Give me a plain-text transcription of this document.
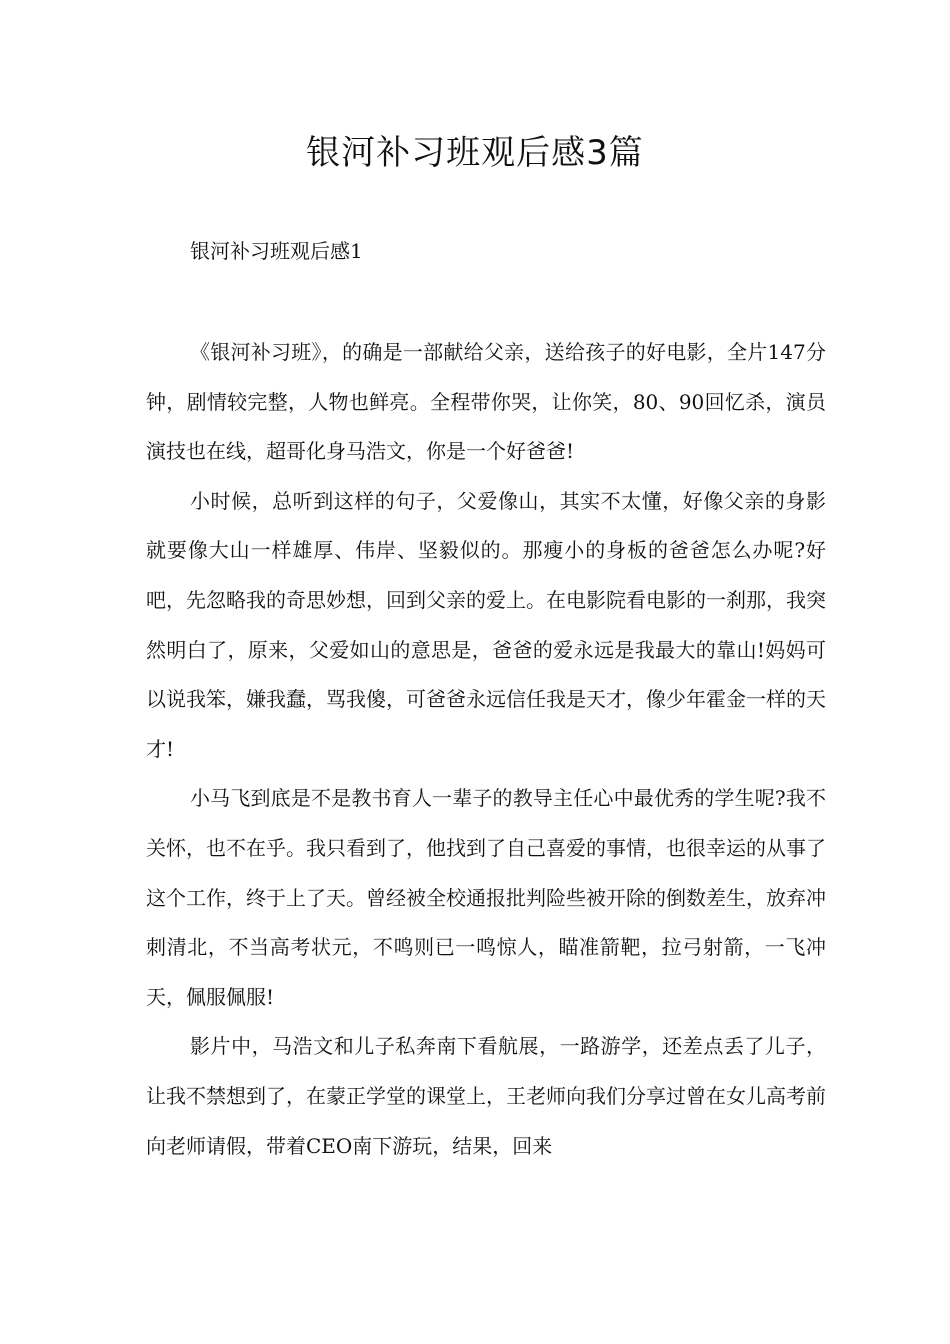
银河补习班观后感3篇

银河补习班观后感1

《银河补习班》，的确是一部献给父亲，送给孩子的好电影，全片147分钟，剧情较完整，人物也鲜亮。全程带你哭，让你笑，80、90回忆杀，演员演技也在线，超哥化身马浩文，你是一个好爸爸!

小时候，总听到这样的句子，父爱像山，其实不太懂，好像父亲的身影就要像大山一样雄厚、伟岸、坚毅似的。那瘦小的身板的爸爸怎么办呢?好吧，先忽略我的奇思妙想，回到父亲的爱上。在电影院看电影的一刹那，我突然明白了，原来，父爱如山的意思是，爸爸的爱永远是我最大的靠山!妈妈可以说我笨，嫌我蠢，骂我傻，可爸爸永远信任我是天才，像少年霍金一样的天才!

小马飞到底是不是教书育人一辈子的教导主任心中最优秀的学生呢?我不关怀，也不在乎。我只看到了，他找到了自己喜爱的事情，也很幸运的从事了这个工作，终于上了天。曾经被全校通报批判险些被开除的倒数差生，放弃冲刺清北，不当高考状元，不鸣则已一鸣惊人，瞄准箭靶，拉弓射箭，一飞冲天，佩服佩服!

影片中，马浩文和儿子私奔南下看航展，一路游学，还差点丢了儿子，让我不禁想到了，在蒙正学堂的课堂上，王老师向我们分享过曾在女儿高考前向老师请假，带着CEO南下游玩，结果，回来
